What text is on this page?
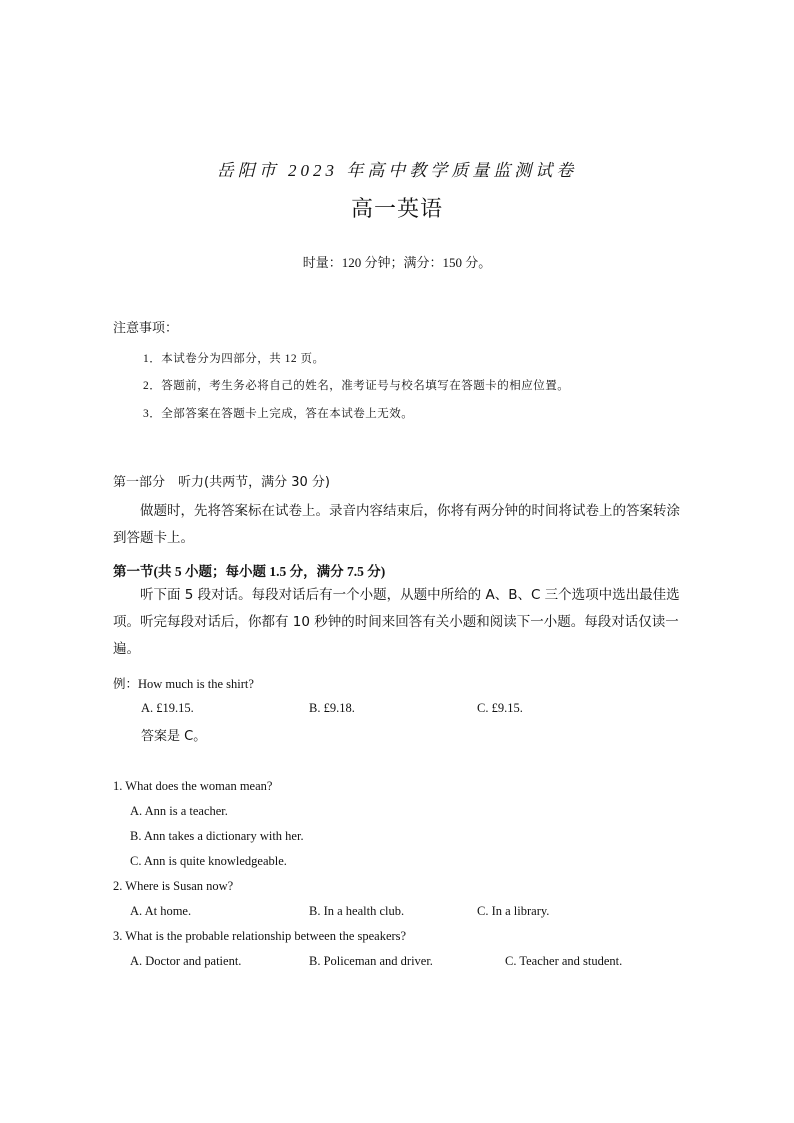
岳阳市 2023 年高中教学质量监测试卷
高一英语
时量：120 分钟；满分：150 分。
注意事项：
1．本试卷分为四部分，共 12 页。
2．答题前，考生务必将自己的姓名，准考证号与校名填写在答题卡的相应位置。
3．全部答案在答题卡上完成，答在本试卷上无效。
第一部分　听力(共两节，满分 30 分)
做题时，先将答案标在试卷上。录音内容结束后，你将有两分钟的时间将试卷上的答案转涂到答题卡上。
第一节(共 5 小题；每小题 1.5 分，满分 7.5 分)
听下面 5 段对话。每段对话后有一个小题，从题中所给的 A、B、C 三个选项中选出最佳选项。听完每段对话后，你都有 10 秒钟的时间来回答有关小题和阅读下一小题。每段对话仅读一遍。
例：How much is the shirt?
A. £19.15.	B. £9.18.	C. £9.15.
答案是 C。
1. What does the woman mean?
A. Ann is a teacher.
B. Ann takes a dictionary with her.
C. Ann is quite knowledgeable.
2. Where is Susan now?
A. At home.	B. In a health club.	C. In a library.
3. What is the probable relationship between the speakers?
A. Doctor and patient.	B. Policeman and driver.	C. Teacher and student.
